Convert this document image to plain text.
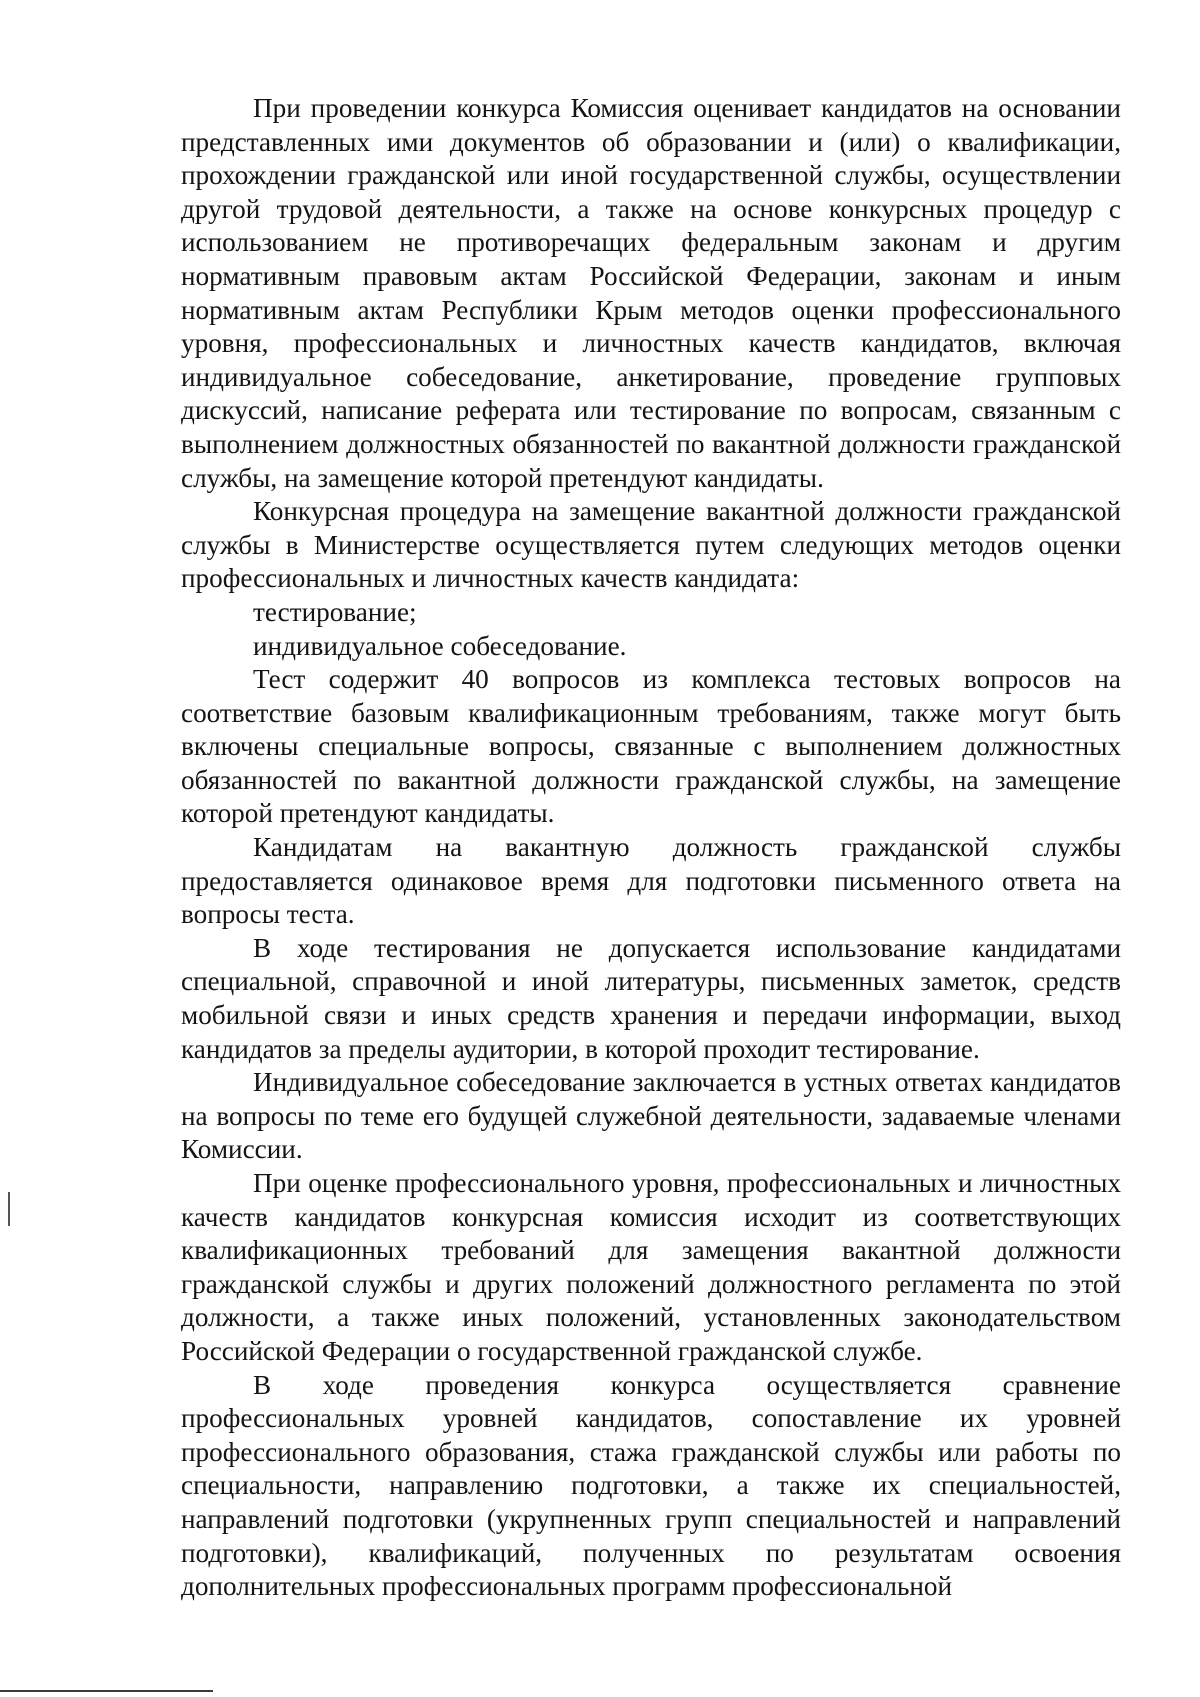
При проведении конкурса Комиссия оценивает кандидатов на основании представленных ими документов об образовании и (или) о квалификации, прохождении гражданской или иной государственной службы, осуществлении другой трудовой деятельности, а также на основе конкурсных процедур с использованием не противоречащих федеральным законам и другим нормативным правовым актам Российской Федерации, законам и иным нормативным актам Республики Крым методов оценки профессионального уровня, профессиональных и личностных качеств кандидатов, включая индивидуальное собеседование, анкетирование, проведение групповых дискуссий, написание реферата или тестирование по вопросам, связанным с выполнением должностных обязанностей по вакантной должности гражданской службы, на замещение которой претендуют кандидаты.

Конкурсная процедура на замещение вакантной должности гражданской службы в Министерстве осуществляется путем следующих методов оценки профессиональных и личностных качеств кандидата:

тестирование;

индивидуальное собеседование.

Тест содержит 40 вопросов из комплекса тестовых вопросов на соответствие базовым квалификационным требованиям, также могут быть включены специальные вопросы, связанные с выполнением должностных обязанностей по вакантной должности гражданской службы, на замещение которой претендуют кандидаты.

Кандидатам на вакантную должность гражданской службы предоставляется одинаковое время для подготовки письменного ответа на вопросы теста.

В ходе тестирования не допускается использование кандидатами специальной, справочной и иной литературы, письменных заметок, средств мобильной связи и иных средств хранения и передачи информации, выход кандидатов за пределы аудитории, в которой проходит тестирование.

Индивидуальное собеседование заключается в устных ответах кандидатов на вопросы по теме его будущей служебной деятельности, задаваемые членами Комиссии.

При оценке профессионального уровня, профессиональных и личностных качеств кандидатов конкурсная комиссия исходит из соответствующих квалификационных требований для замещения вакантной должности гражданской службы и других положений должностного регламента по этой должности, а также иных положений, установленных законодательством Российской Федерации о государственной гражданской службе.

В ходе проведения конкурса осуществляется сравнение профессиональных уровней кандидатов, сопоставление их уровней профессионального образования, стажа гражданской службы или работы по специальности, направлению подготовки, а также их специальностей, направлений подготовки (укрупненных групп специальностей и направлений подготовки), квалификаций, полученных по результатам освоения дополнительных профессиональных программ профессиональной
